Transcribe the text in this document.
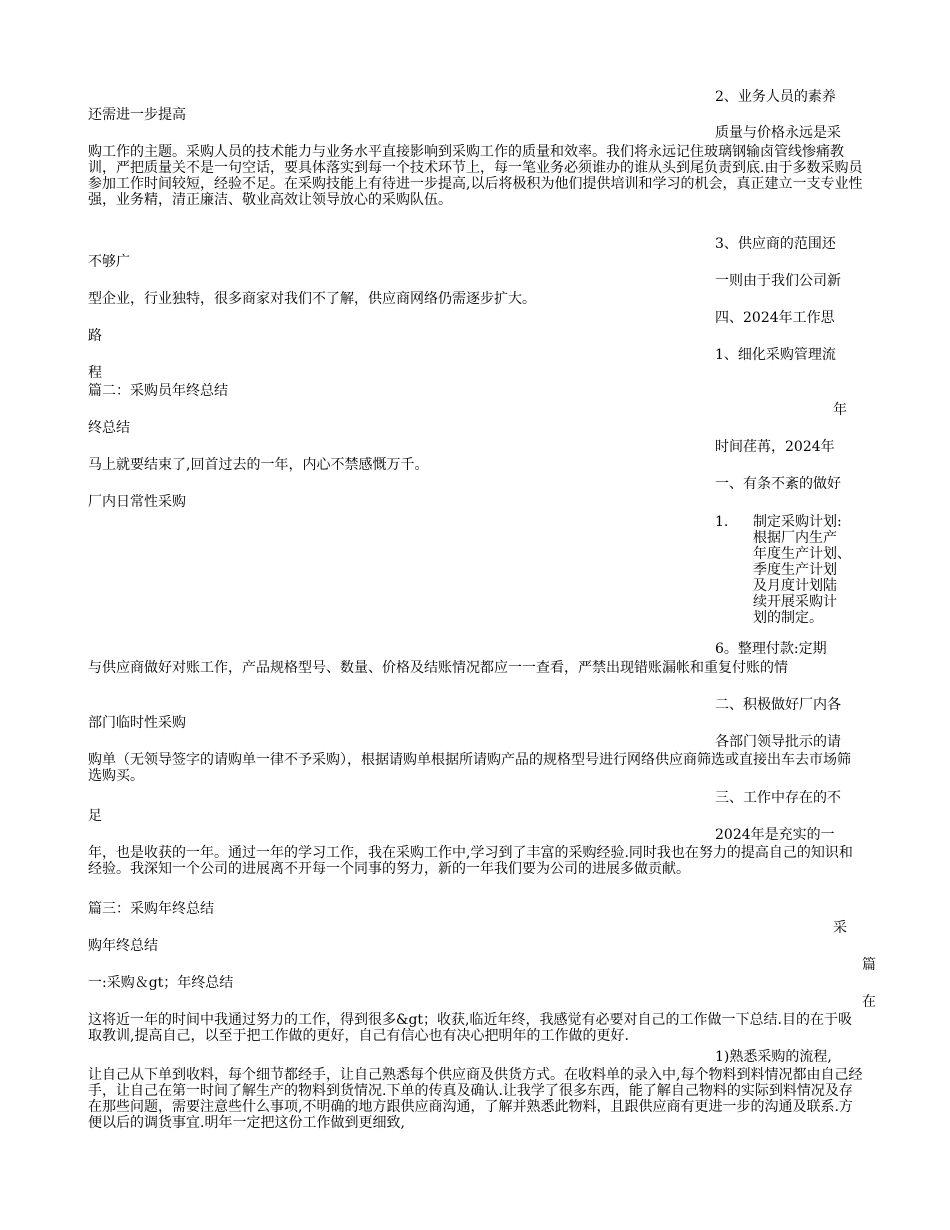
2、业务人员的素养
还需进一步提高
质量与价格永远是采
购工作的主题。采购人员的技术能力与业务水平直接影响到采购工作的质量和效率。我们将永远记住玻璃钢输卤管线惨痛教训，严把质量关不是一句空话，要具体落实到每一个技术环节上，每一笔业务必须谁办的谁从头到尾负责到底.由于多数采购员参加工作时间较短，经验不足。在采购技能上有待进一步提高,以后将极积为他们提供培训和学习的机会，真正建立一支专业性强，业务精，清正廉洁、敬业高效让领导放心的采购队伍。
3、供应商的范围还
不够广
一则由于我们公司新
型企业，行业独特，很多商家对我们不了解，供应商网络仍需逐步扩大。
四、2024年工作思
路
1、细化采购管理流
程
篇二：采购员年终总结
年
终总结
时间荏苒，2024年
马上就要结束了,回首过去的一年，内心不禁感慨万千。
一、有条不紊的做好
厂内日常性采购
1. 制定采购计划:
根据厂内生产
年度生产计划、
季度生产计划
及月度计划陆
续开展采购计
划的制定。
6。整理付款:定期
与供应商做好对账工作，产品规格型号、数量、价格及结账情况都应一一查看，严禁出现错账漏帐和重复付账的情
二、积极做好厂内各
部门临时性采购
各部门领导批示的请
购单（无领导签字的请购单一律不予采购），根据请购单根据所请购产品的规格型号进行网络供应商筛选或直接出车去市场筛选购买。
三、工作中存在的不
足
2024年是充实的一
年，也是收获的一年。通过一年的学习工作，我在采购工作中,学习到了丰富的采购经验.同时我也在努力的提高自己的知识和经验。我深知一个公司的进展离不开每一个同事的努力，新的一年我们要为公司的进展多做贡献。
篇三：采购年终总结
采
购年终总结
篇
一:采购＆gt；年终总结
在
这将近一年的时间中我通过努力的工作，得到很多&gt；收获,临近年终，我感觉有必要对自己的工作做一下总结.目的在于吸取教训,提高自己，以至于把工作做的更好，自己有信心也有决心把明年的工作做的更好.
1)熟悉采购的流程,
让自己从下单到收料，每个细节都经手，让自己熟悉每个供应商及供货方式。在收料单的录入中,每个物料到料情况都由自己经手，让自己在第一时间了解生产的物料到货情况.下单的传真及确认.让我学了很多东西，能了解自己物料的实际到料情况及存在那些问题，需要注意些什么事项,不明确的地方跟供应商沟通，了解并熟悉此物料，且跟供应商有更进一步的沟通及联系.方便以后的调货事宜.明年一定把这份工作做到更细致,
